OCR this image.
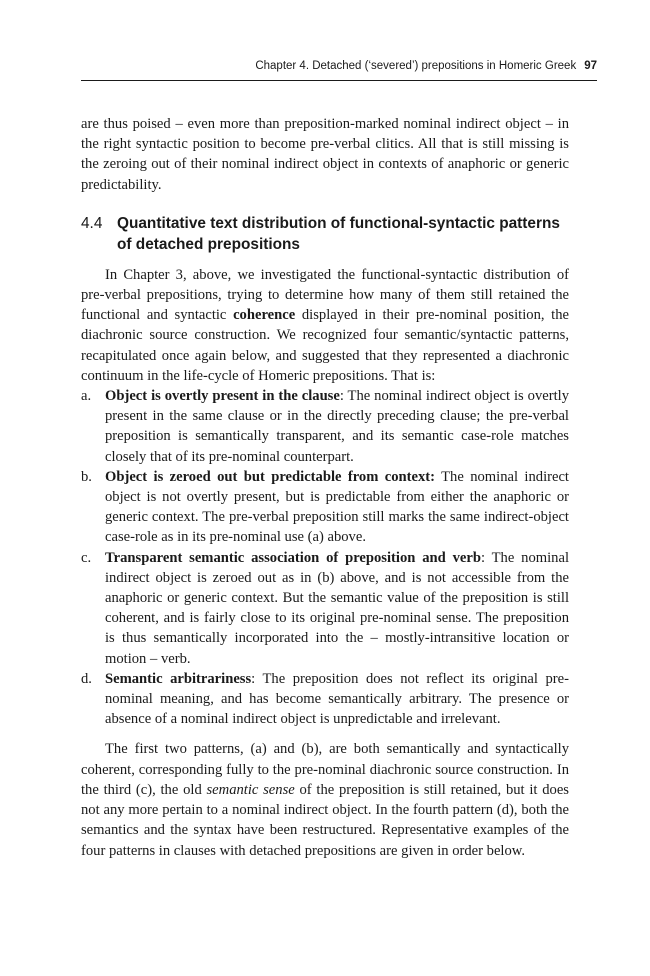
Chapter 4. Detached (‘severed’) prepositions in Homeric Greek 97

are thus poised – even more than preposition-marked nominal indirect object – in the right syntactic position to become pre-verbal clitics. All that is still missing is the zeroing out of their nominal indirect object in contexts of anaphoric or generic predictability.

4.4 Quantitative text distribution of functional-syntactic patterns of detached prepositions

In Chapter 3, above, we investigated the functional-syntactic distribution of pre-verbal prepositions, trying to determine how many of them still retained the functional and syntactic coherence displayed in their pre-nominal position, the diachronic source construction. We recognized four semantic/syntactic patterns, recapitulated once again below, and suggested that they represented a diachronic continuum in the life-cycle of Homeric prepositions. That is:

a. Object is overtly present in the clause: The nominal indirect object is overtly present in the same clause or in the directly preceding clause; the pre-verbal preposition is semantically transparent, and its semantic case-role matches closely that of its pre-nominal counterpart.
b. Object is zeroed out but predictable from context: The nominal indirect object is not overtly present, but is predictable from either the anaphoric or generic context. The pre-verbal preposition still marks the same indirect-object case-role as in its pre-nominal use (a) above.
c. Transparent semantic association of preposition and verb: The nominal indirect object is zeroed out as in (b) above, and is not accessible from the anaphoric or generic context. But the semantic value of the preposition is still coherent, and is fairly close to its original pre-nominal sense. The preposition is thus semantically incorporated into the – mostly-intransitive location or motion – verb.
d. Semantic arbitrariness: The preposition does not reflect its original pre-nominal meaning, and has become semantically arbitrary. The presence or absence of a nominal indirect object is unpredictable and irrelevant.

The first two patterns, (a) and (b), are both semantically and syntactically coherent, corresponding fully to the pre-nominal diachronic source construction. In the third (c), the old semantic sense of the preposition is still retained, but it does not any more pertain to a nominal indirect object. In the fourth pattern (d), both the semantics and the syntax have been restructured. Representative examples of the four patterns in clauses with detached prepositions are given in order below.
